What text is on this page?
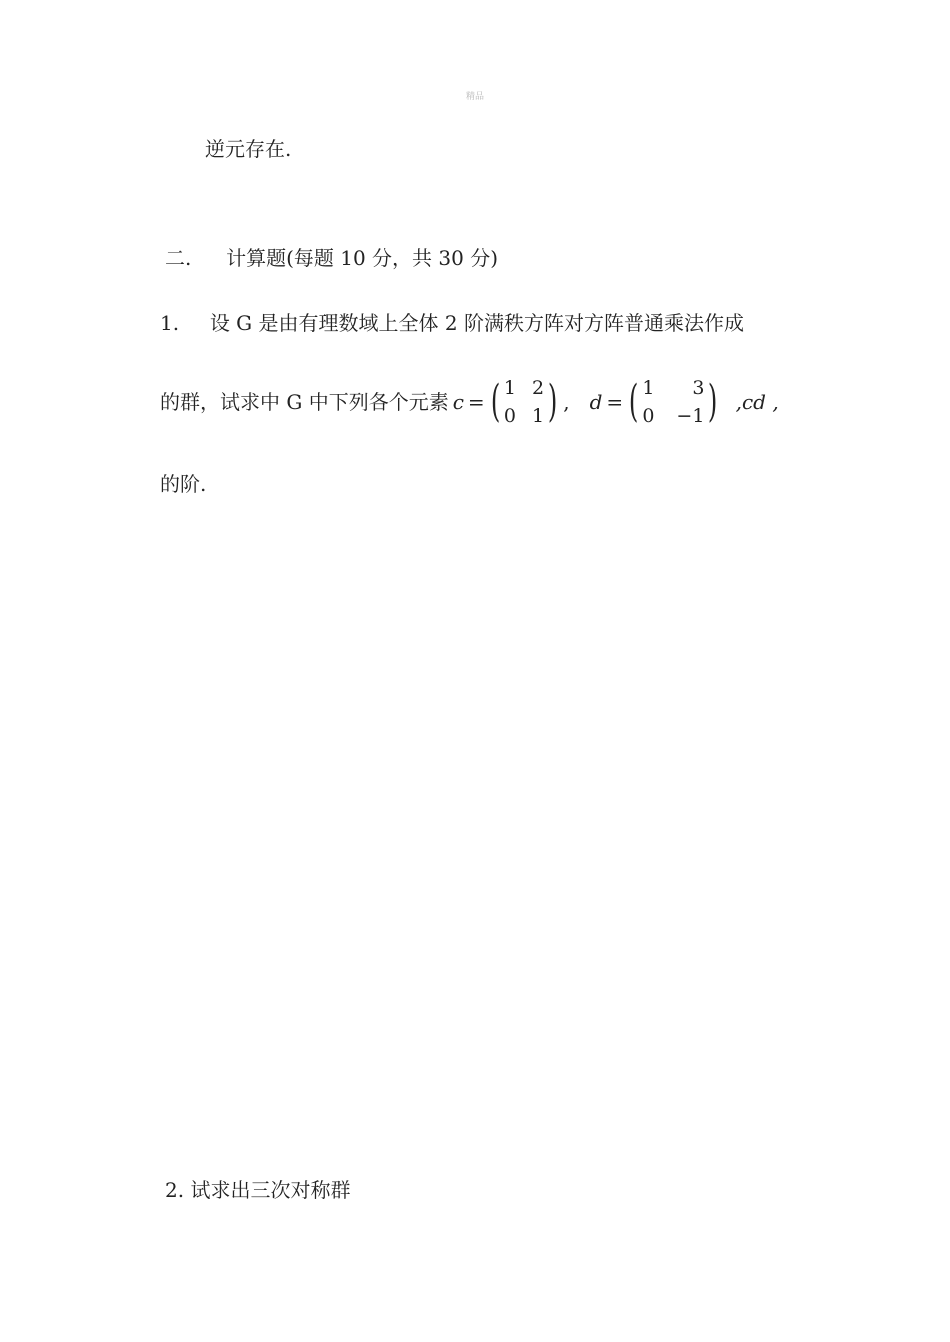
精品
逆元存在.
二. 计算题(每题 10 分，共 30 分)
1. 设 G 是由有理数域上全体 2 阶满秩方阵对方阵普通乘法作成
的群，试求中 G 中下列各个元素 c = ( 1 2
0 1 ) , d = ( 1	3
0 −1 ) ,cd ,
的阶.
2. 试求出三次对称群
